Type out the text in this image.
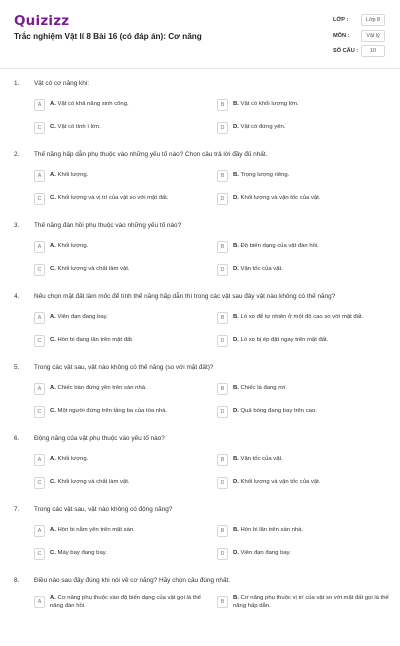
Quizizz
Trắc nghiệm Vật lí 8 Bài 16 (có đáp án): Cơ năng
LỚP :	Lớp 8
MÔN :	Vật lý
SỐ CÂU :	10
1. Vật có cơ năng khi:
A	A. Vật có khả năng sinh công.	B	B. Vật có khối lượng lớn.
C	C. Vật có tính ì lớn.	D	D. Vật có đứng yên.
2. Thế năng hấp dẫn phụ thuộc vào những yếu tố nào? Chọn câu trả lời đầy đủ nhất.
A	A. Khối lượng.	B	B. Trọng lượng riêng.
C	C. Khối lượng và vị trí của vật so với mặt đất.	D	D. Khối lượng và vận tốc của vật.
3. Thế năng đàn hồi phụ thuộc vào những yếu tố nào?
A	A. Khối lượng.	B	B. Độ biến dạng của vật đàn hồi.
C	C. Khối lượng và chất làm vật.	D	D. Vận tốc của vật.
4. Nếu chọn mặt đất làm mốc để tính thế năng hấp dẫn thì trong các vật sau đây vật nào không có thế năng?
A	A. Viên đạn đang bay.	B	B. Lò xo để tự nhiên ở một độ cao so với mặt đất.
C	C. Hòn bi đang lăn trên mặt đất.	D	D. Lò xo bị ép đặt ngay trên mặt đất.
5. Trong các vật sau, vật nào không có thế năng (so với mặt đất)?
A	A. Chiếc bàn đứng yên trên sàn nhà.	B	B. Chiếc lá đang rơi.
C	C. Một người đứng trên tầng ba của tòa nhà.	D	D. Quả bóng đang bay trên cao.
6. Động năng của vật phụ thuộc vào yếu tố nào?
A	A. Khối lượng.	B	B. Vận tốc của vật.
C	C. Khối lượng và chất làm vật.	D	D. Khối lượng và vận tốc của vật.
7. Trong các vật sau, vật nào không có động năng?
A	A. Hòn bi nằm yên trên mặt sàn.	B	B. Hòn bi lăn trên sàn nhà.
C	C. Máy bay đang bay.	D	D. Viên đạn đang bay.
8. Điều nào sau đây đúng khi nói về cơ năng? Hãy chọn câu đúng nhất.
A
A. Cơ năng phụ thuộc vào độ biến dạng của vật gọi là thế năng đàn hồi.
B
B. Cơ năng phụ thuộc vị trí của vật so với mặt đất gọi là thế năng hấp dẫn.
